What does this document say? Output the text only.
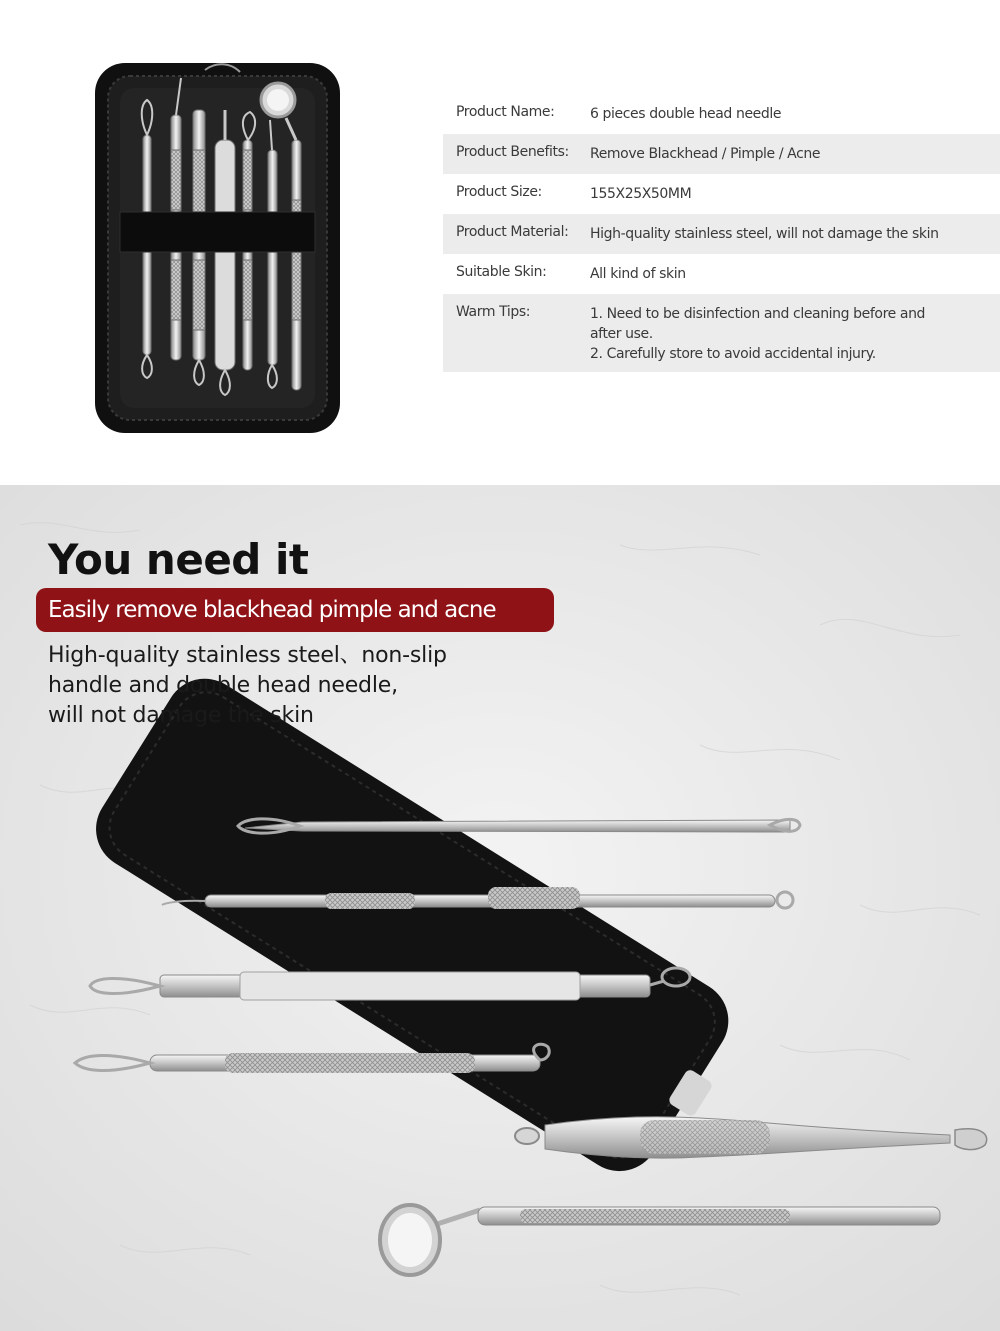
Product Name:	6 pieces double head needle
Product Benefits:	Remove Blackhead / Pimple / Acne
Product Size:	155X25X50MM
Product Material:	High-quality stainless steel, will not damage the skin
Suitable Skin:	All kind of skin
Warm Tips:	1. Need to be disinfection and cleaning before and
after use.
2. Carefully store to avoid accidental injury.
You need it
Easily remove blackhead pimple and acne
High-quality stainless steel、non-slip
handle and double head needle,
will not damage the skin
